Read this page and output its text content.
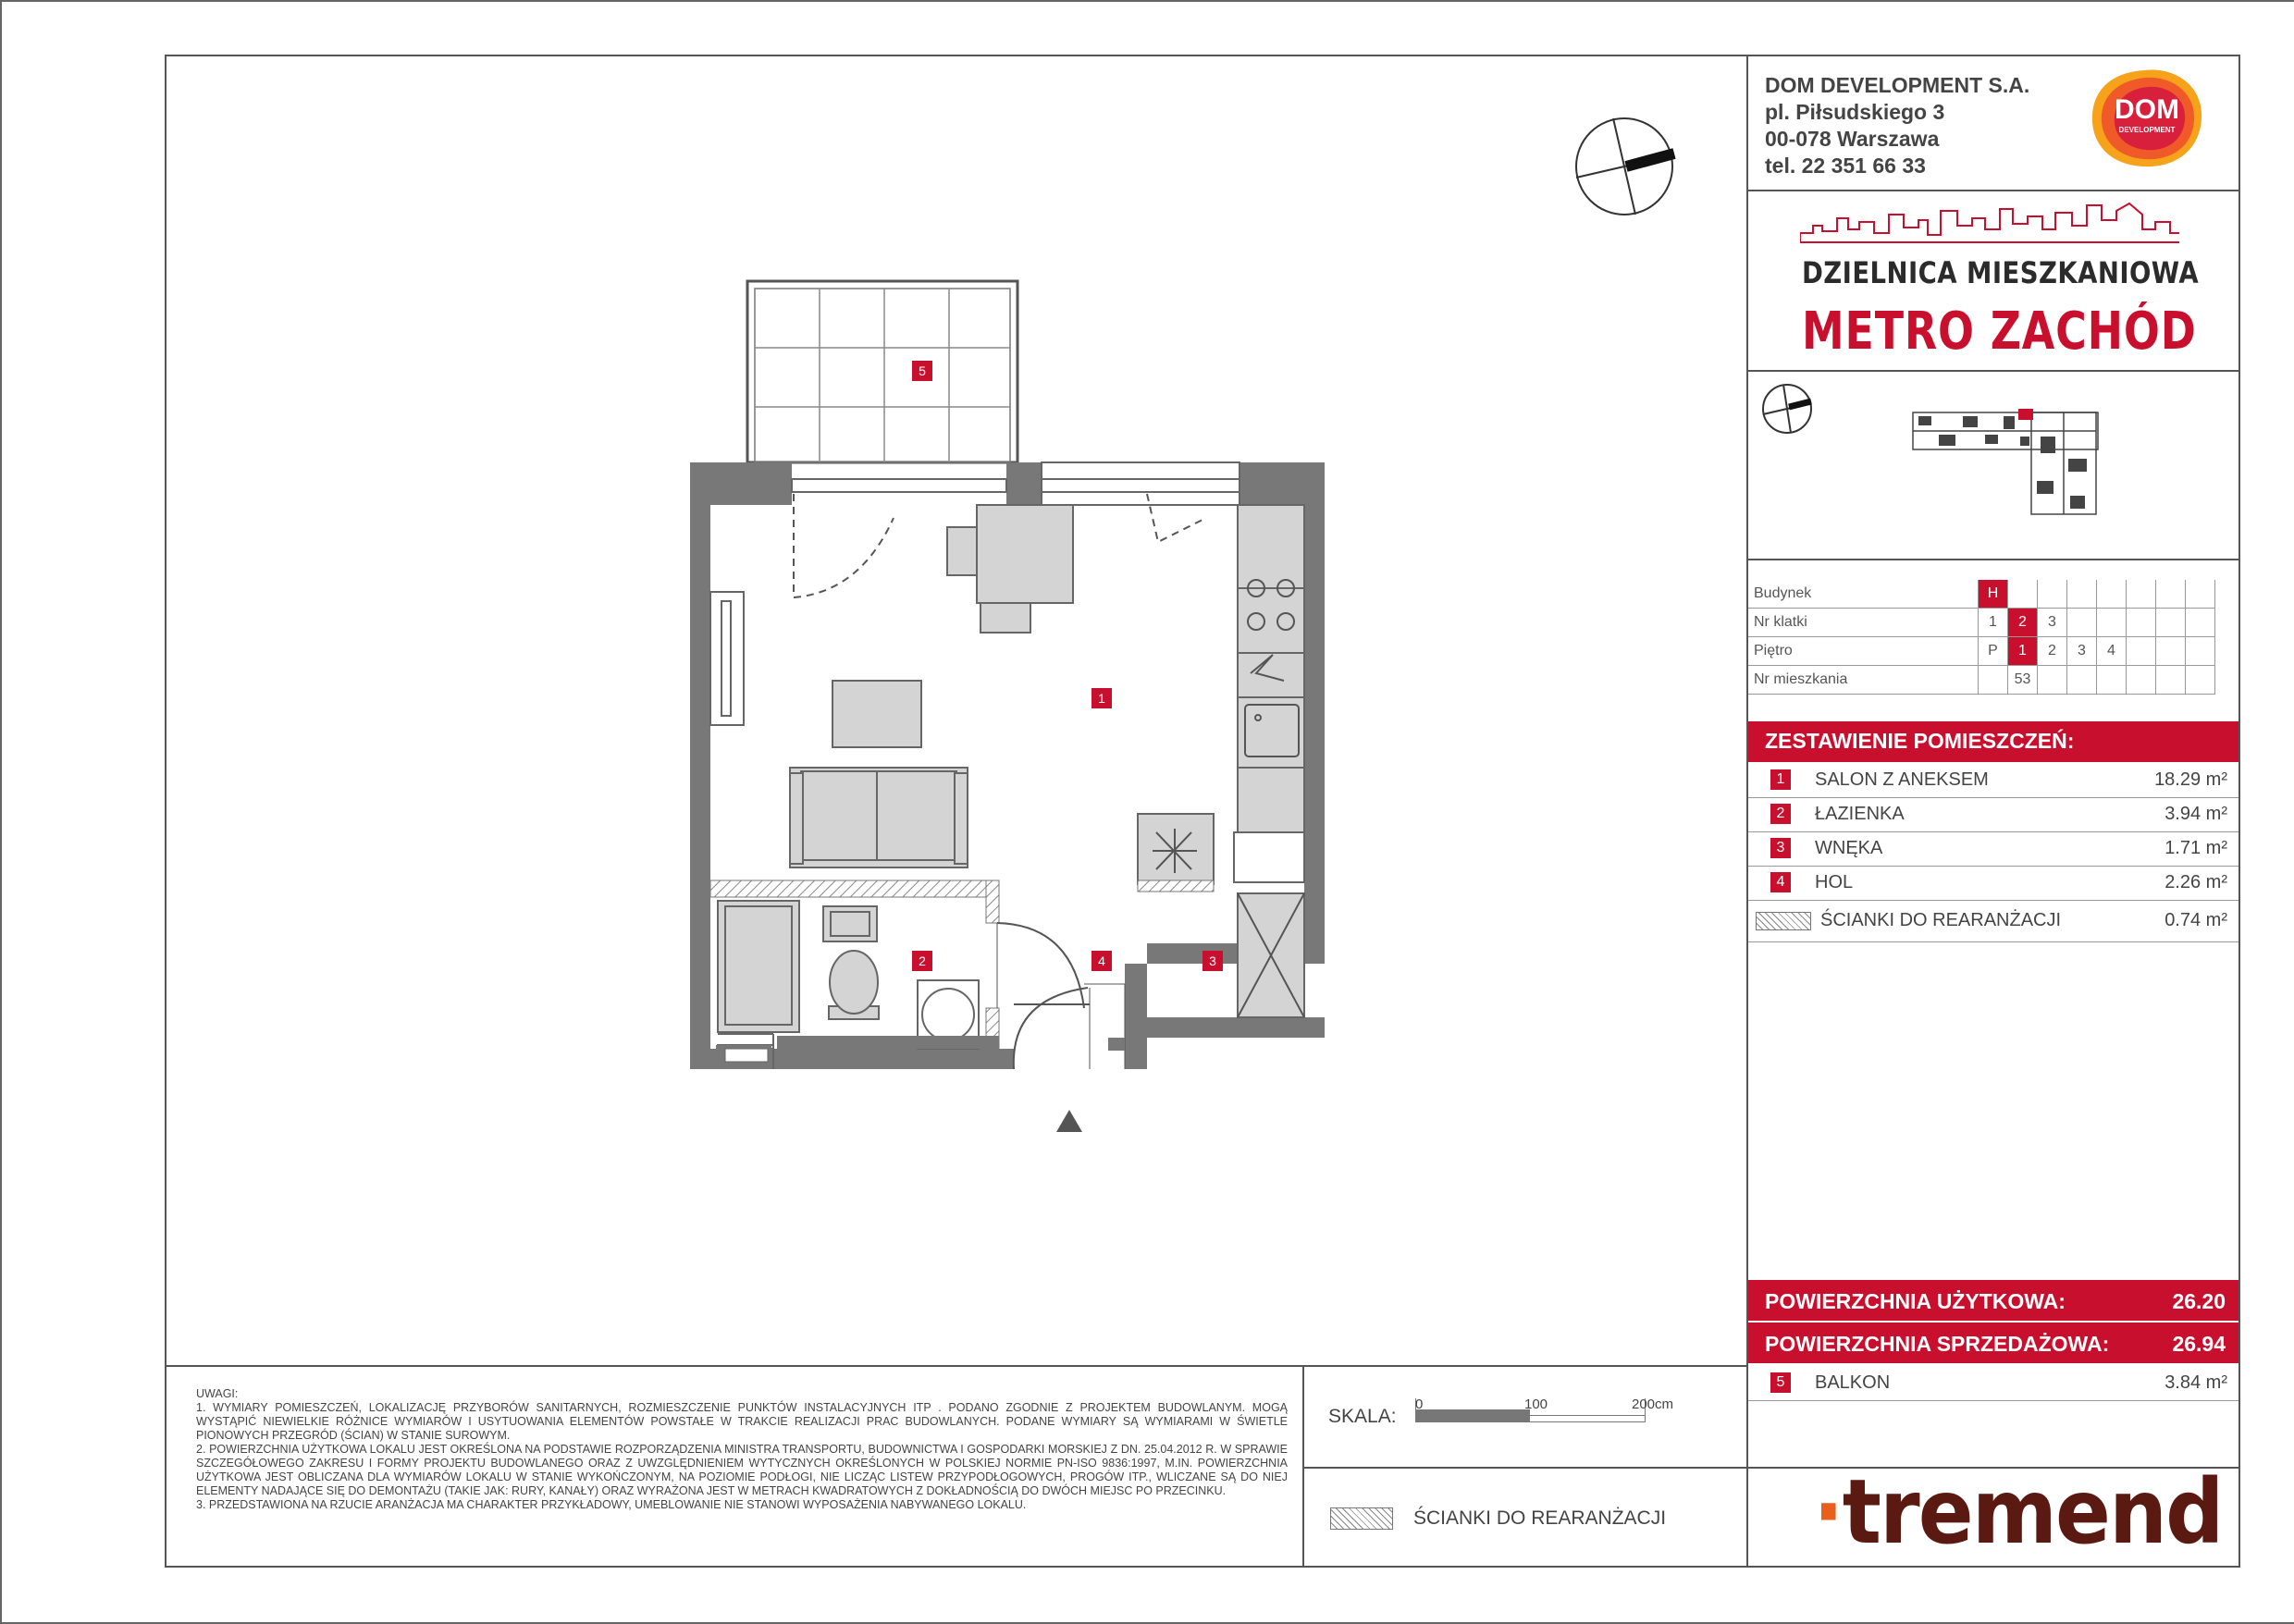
DOM DEVELOPMENT S.A.
pl. Piłsudskiego 3
00-078 Warszawa
tel. 22 351 66 33
DOM
DEVELOPMENT
DZIELNICA MIESZKANIOWA
METRO ZACHÓD
Budynek	H							
Nr klatki	1	2	3					
Piętro	P	1	2	3	4			
Nr mieszkania		53						
ZESTAWIENIE POMIESZCZEŃ:
1	SALON Z ANEKSEM	18.29 m²
2	ŁAZIENKA	3.94 m²
3	WNĘKA	1.71 m²
4	HOL	2.26 m²
ŚCIANKI DO REARANŻACJI	0.74 m²
POWIERZCHNIA UŻYTKOWA:	26.20
POWIERZCHNIA SPRZEDAŻOWA:	26.94
5	BALKON	3.84 m²
5
1
2	4	3

UWAGI:

1. WYMIARY POMIESZCZEŃ, LOKALIZACJĘ PRZYBORÓW SANITARNYCH, ROZMIESZCZENIE PUNKTÓW INSTALACYJNYCH ITP . PODANO ZGODNIE Z PROJEKTEM BUDOWLANYM. MOGĄ WYSTĄPIĆ NIEWIELKIE RÓŻNICE WYMIARÓW I USYTUOWANIA ELEMENTÓW POWSTAŁE W TRAKCIE REALIZACJI PRAC BUDOWLANYCH. PODANE WYMIARY SĄ WYMIARAMI W ŚWIETLE PIONOWYCH PRZEGRÓD (ŚCIAN) W STANIE SUROWYM.

2. POWIERZCHNIA UŻYTKOWA LOKALU JEST OKREŚLONA NA PODSTAWIE ROZPORZĄDZENIA MINISTRA TRANSPORTU, BUDOWNICTWA I GOSPODARKI MORSKIEJ Z DN. 25.04.2012 R. W SPRAWIE SZCZEGÓŁOWEGO ZAKRESU I FORMY PROJEKTU BUDOWLANEGO ORAZ Z UWZGLĘDNIENIEM WYTYCZNYCH OKREŚLONYCH W POLSKIEJ NORMIE PN-ISO 9836:1997, M.IN. POWIERZCHNIA UŻYTKOWA JEST OBLICZANA DLA WYMIARÓW LOKALU W STANIE WYKOŃCZONYM, NA POZIOMIE PODŁOGI, NIE LICZĄC LISTEW PRZYPODŁOGOWYCH, PROGÓW ITP., WLICZANE SĄ DO NIEJ ELEMENTY NADAJĄCE SIĘ DO DEMONTAŻU (TAKIE JAK: RURY, KANAŁY) ORAZ WYRAŻONA JEST W METRACH KWADRATOWYCH Z DOKŁADNOŚCIĄ DO DWÓCH MIEJSC PO PRZECINKU.

3. PRZEDSTAWIONA NA RZUCIE ARANŻACJA MA CHARAKTER PRZYKŁADOWY, UMEBLOWANIE NIE STANOWI WYPOSAŻENIA NABYWANEGO LOKALU.

SKALA:
0	100	200cm
ŚCIANKI DO REARANŻACJI ·tremend
